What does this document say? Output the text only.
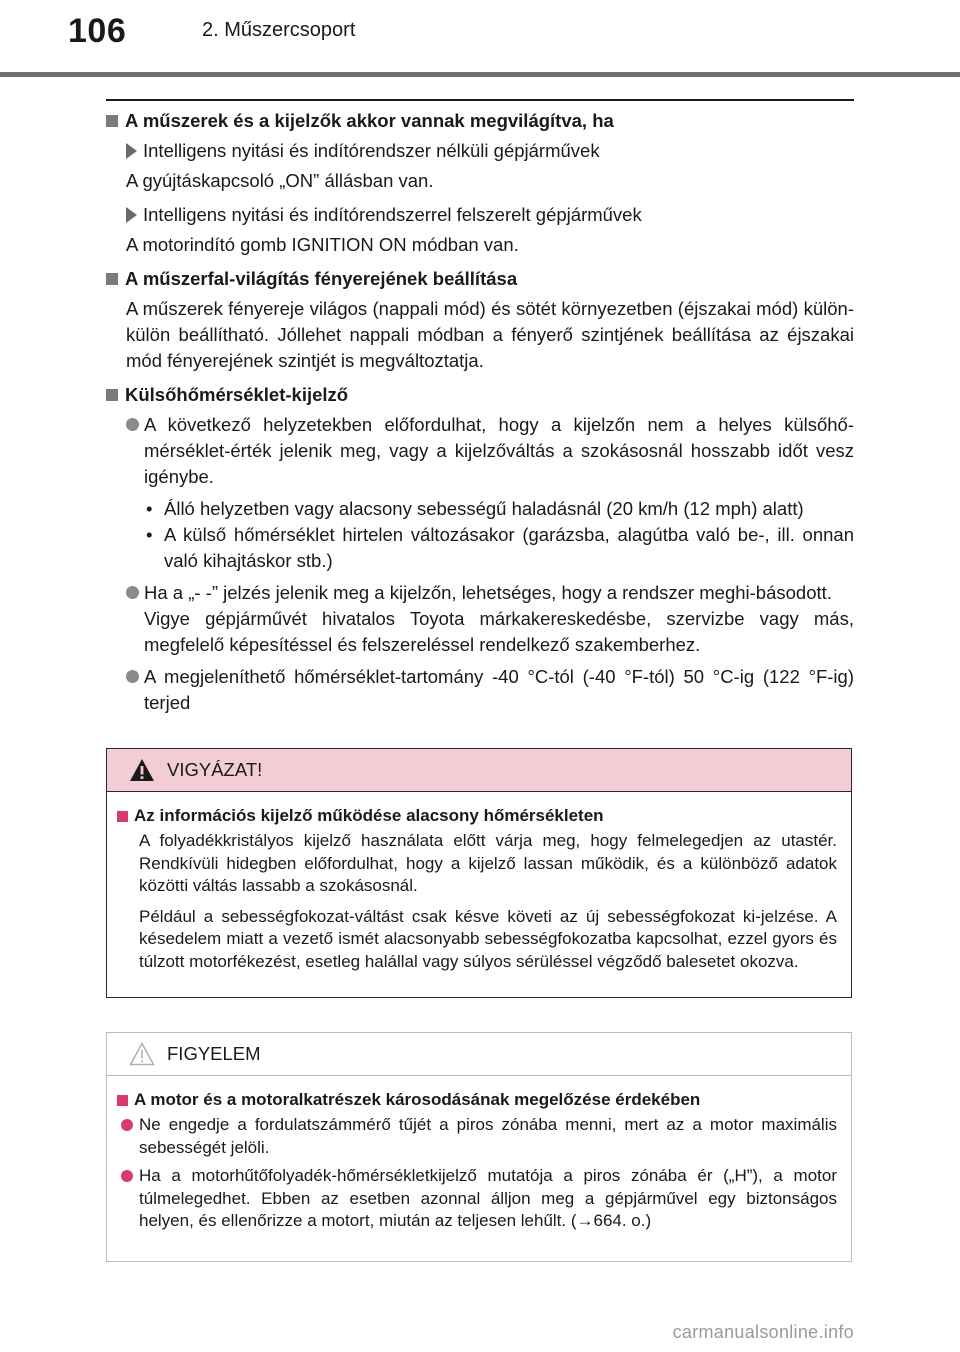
106	2. Műszercsoport
A műszerek és a kijelzők akkor vannak megvilágítva, ha
Intelligens nyitási és indítórendszer nélküli gépjárművek
A gyújtáskapcsoló „ON” állásban van.
Intelligens nyitási és indítórendszerrel felszerelt gépjárművek
A motorindító gomb IGNITION ON módban van.
A műszerfal-világítás fényerejének beállítása
A műszerek fényereje világos (nappali mód) és sötét környezetben (éjszakai mód) külön-külön beállítható. Jóllehet nappali módban a fényerő szintjének beállítása az éjszakai mód fényerejének szintjét is megváltoztatja.
Külsőhőmérséklet-kijelző
A következő helyzetekben előfordulhat, hogy a kijelzőn nem a helyes külsőhő-mérséklet-érték jelenik meg, vagy a kijelzőváltás a szokásosnál hosszabb időt vesz igénybe.
• Álló helyzetben vagy alacsony sebességű haladásnál (20 km/h (12 mph) alatt)
• A külső hőmérséklet hirtelen változásakor (garázsba, alagútba való be-, ill. onnan való kihajtáskor stb.)
Ha a „- -” jelzés jelenik meg a kijelzőn, lehetséges, hogy a rendszer meghi-básodott.
Vigye gépjárművét hivatalos Toyota márkakereskedésbe, szervizbe vagy más, megfelelő képesítéssel és felszereléssel rendelkező szakemberhez.
A megjeleníthető hőmérséklet-tartomány -40 °C-tól (-40 °F-tól) 50 °C-ig (122 °F-ig) terjed
VIGYÁZAT!
Az információs kijelző működése alacsony hőmérsékleten
A folyadékkristályos kijelző használata előtt várja meg, hogy felmelegedjen az utastér. Rendkívüli hidegben előfordulhat, hogy a kijelző lassan működik, és a különböző adatok közötti váltás lassabb a szokásosnál.
Például a sebességfokozat-váltást csak késve követi az új sebességfokozat ki-jelzése. A késedelem miatt a vezető ismét alacsonyabb sebességfokozatba kapcsolhat, ezzel gyors és túlzott motorfékezést, esetleg halállal vagy súlyos sérüléssel végződő balesetet okozva.
FIGYELEM
A motor és a motoralkatrészek károsodásának megelőzése érdekében
Ne engedje a fordulatszámmérő tűjét a piros zónába menni, mert az a motor maximális sebességét jelöli.
Ha a motorhűtőfolyadék-hőmérsékletkijelző mutatója a piros zónába ér („H”), a motor túlmelegedhet. Ebben az esetben azonnal álljon meg a gépjárművel egy biztonságos helyen, és ellenőrizze a motort, miután az teljesen lehűlt. (→664. o.)
carmanualsonline.info
